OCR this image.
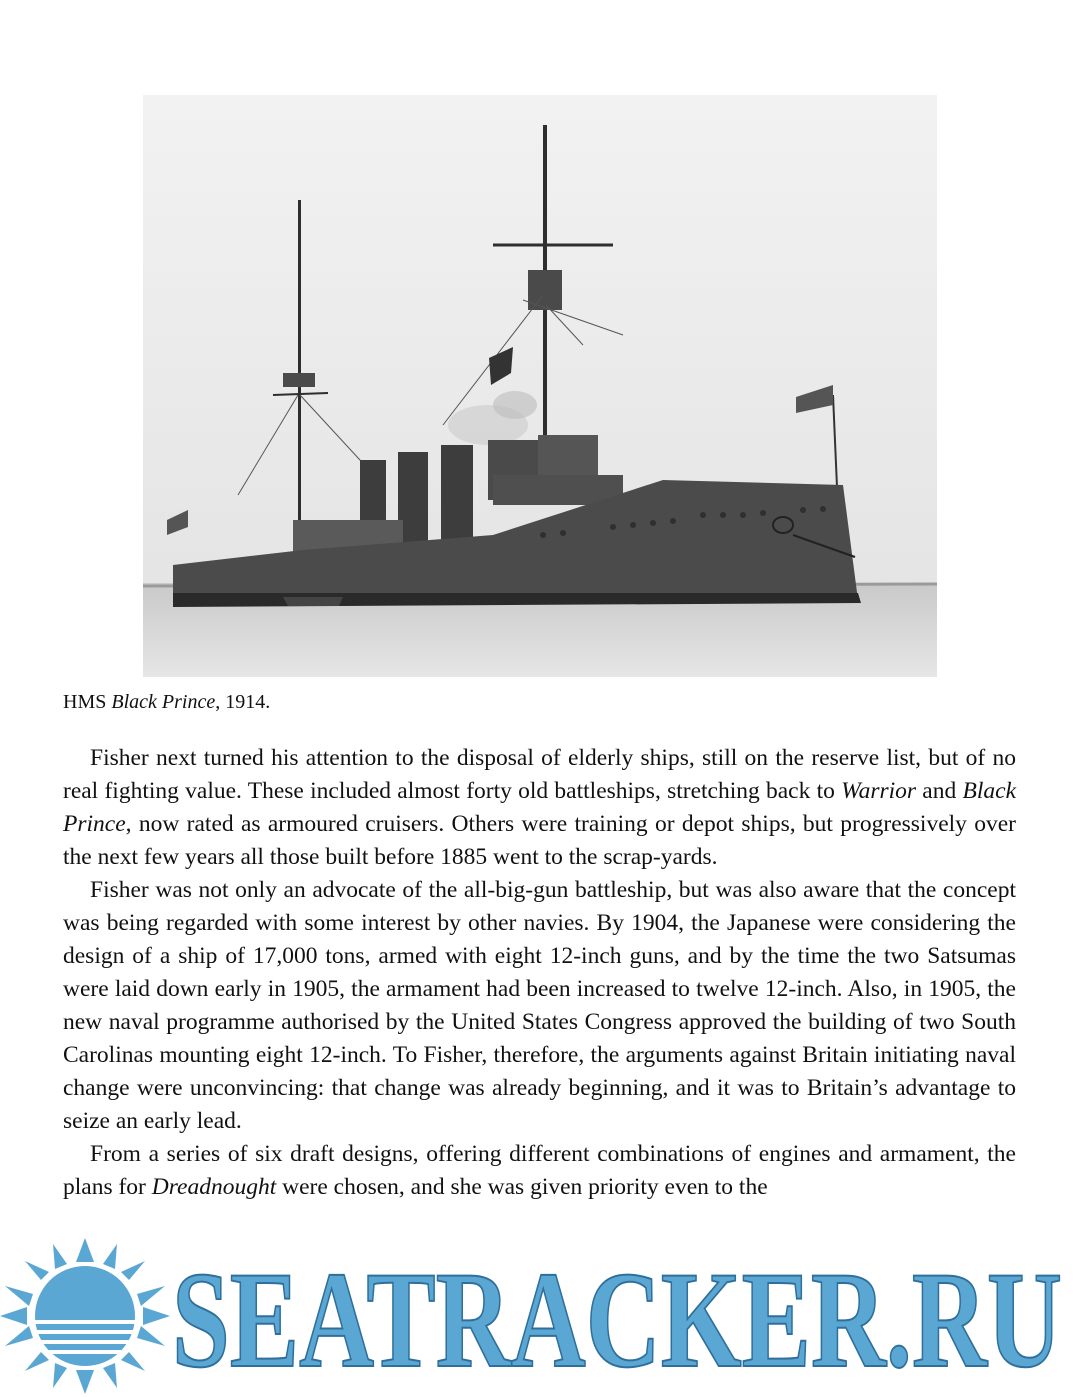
HMS Black Prince, 1914.

Fisher next turned his attention to the disposal of elderly ships, still on the reserve list, but of no real fighting value. These included almost forty old battleships, stretching back to Warrior and Black Prince, now rated as armoured cruisers. Others were training or depot ships, but progressively over the next few years all those built before 1885 went to the scrap-yards.

Fisher was not only an advocate of the all-big-gun battleship, but was also aware that the concept was being regarded with some interest by other navies. By 1904, the Japanese were considering the design of a ship of 17,000 tons, armed with eight 12-inch guns, and by the time the two Satsumas were laid down early in 1905, the armament had been increased to twelve 12-inch. Also, in 1905, the new naval programme authorised by the United States Congress approved the building of two South Carolinas mounting eight 12-inch. To Fisher, therefore, the arguments against Britain initiating naval change were unconvincing: that change was already beginning, and it was to Britain’s advantage to seize an early lead.

From a series of six draft designs, offering different combinations of engines and armament, the plans for Dreadnought were chosen, and she was given priority even to the

SEATRACKER.RU
